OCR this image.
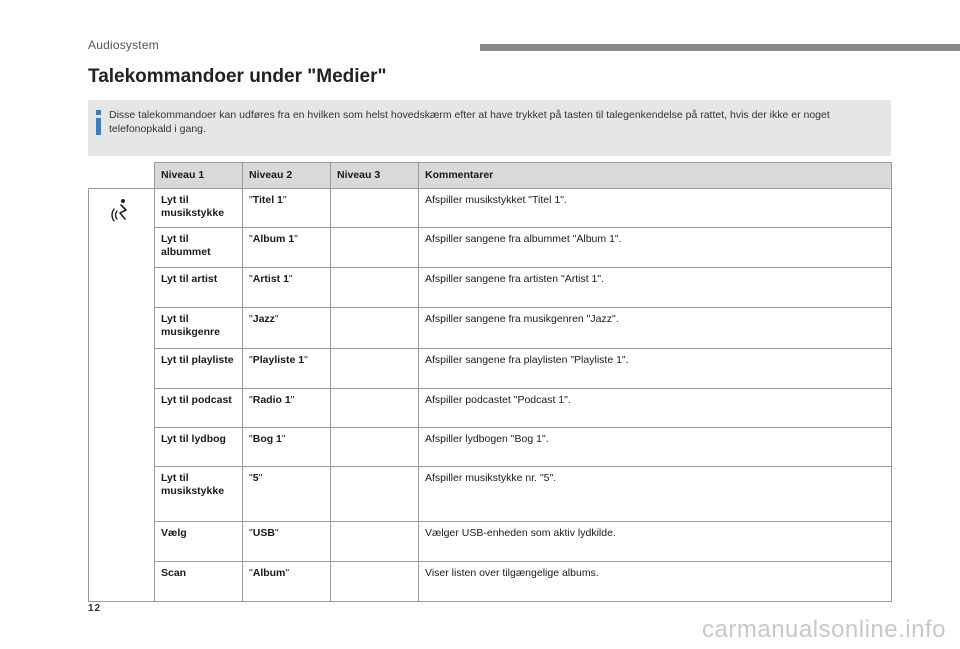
Audiosystem
Talekommandoer under "Medier"
Disse talekommandoer kan udføres fra en hvilken som helst hovedskærm efter at have trykket på tasten til talegenkendelse på rattet, hvis der ikke er noget telefonopkald i gang.
	Niveau 1	Niveau 2	Niveau 3	Kommentarer
	Lyt til musikstykke	"Titel 1"		Afspiller musikstykket "Titel 1".
	Lyt til albummet	"Album 1"		Afspiller sangene fra albummet "Album 1".
	Lyt til artist	"Artist 1"		Afspiller sangene fra artisten "Artist 1".
	Lyt til musikgenre	"Jazz"		Afspiller sangene fra musikgenren "Jazz".
	Lyt til playliste	"Playliste 1"		Afspiller sangene fra playlisten "Playliste 1".
	Lyt til podcast	"Radio 1"		Afspiller podcastet "Podcast 1".
	Lyt til lydbog	"Bog 1"		Afspiller lydbogen "Bog 1".
	Lyt til musikstykke	"5"		Afspiller musikstykke nr. "5".
	Vælg	"USB"		Vælger USB-enheden som aktiv lydkilde.
	Scan	"Album"		Viser listen over tilgængelige albums.
12
carmanualsonline.info
